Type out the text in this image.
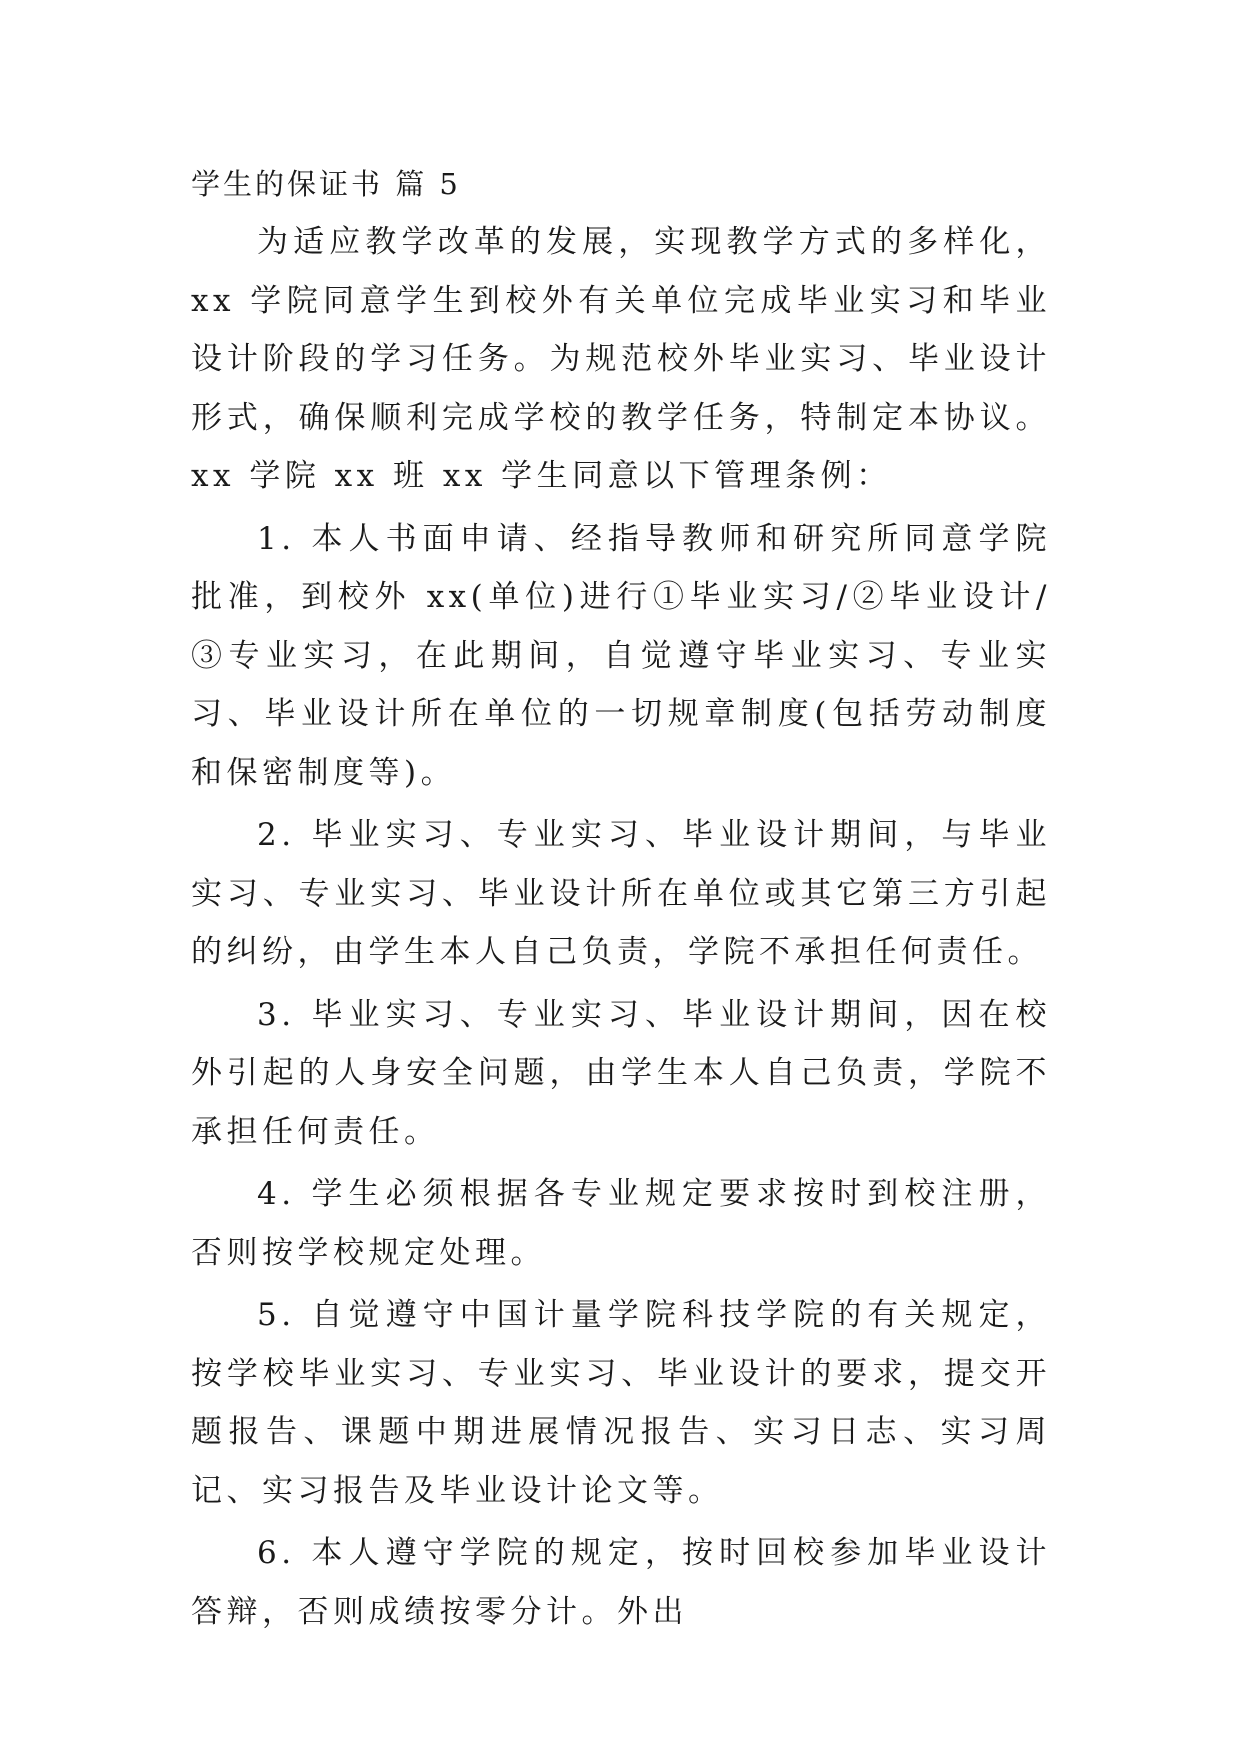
学生的保证书 篇 5

为适应教学改革的发展，实现教学方式的多样化，xx 学院同意学生到校外有关单位完成毕业实习和毕业设计阶段的学习任务。为规范校外毕业实习、毕业设计形式，确保顺利完成学校的教学任务，特制定本协议。xx 学院 xx 班 xx 学生同意以下管理条例：

1. 本人书面申请、经指导教师和研究所同意学院批准，到校外 xx(单位)进行①毕业实习/②毕业设计/③专业实习，在此期间，自觉遵守毕业实习、专业实习、毕业设计所在单位的一切规章制度(包括劳动制度和保密制度等)。

2. 毕业实习、专业实习、毕业设计期间，与毕业实习、专业实习、毕业设计所在单位或其它第三方引起的纠纷，由学生本人自己负责，学院不承担任何责任。

3. 毕业实习、专业实习、毕业设计期间，因在校外引起的人身安全问题，由学生本人自己负责，学院不承担任何责任。

4. 学生必须根据各专业规定要求按时到校注册，否则按学校规定处理。

5. 自觉遵守中国计量学院科技学院的有关规定，按学校毕业实习、专业实习、毕业设计的要求，提交开题报告、课题中期进展情况报告、实习日志、实习周记、实习报告及毕业设计论文等。

6. 本人遵守学院的规定，按时回校参加毕业设计答辩，否则成绩按零分计。外出
